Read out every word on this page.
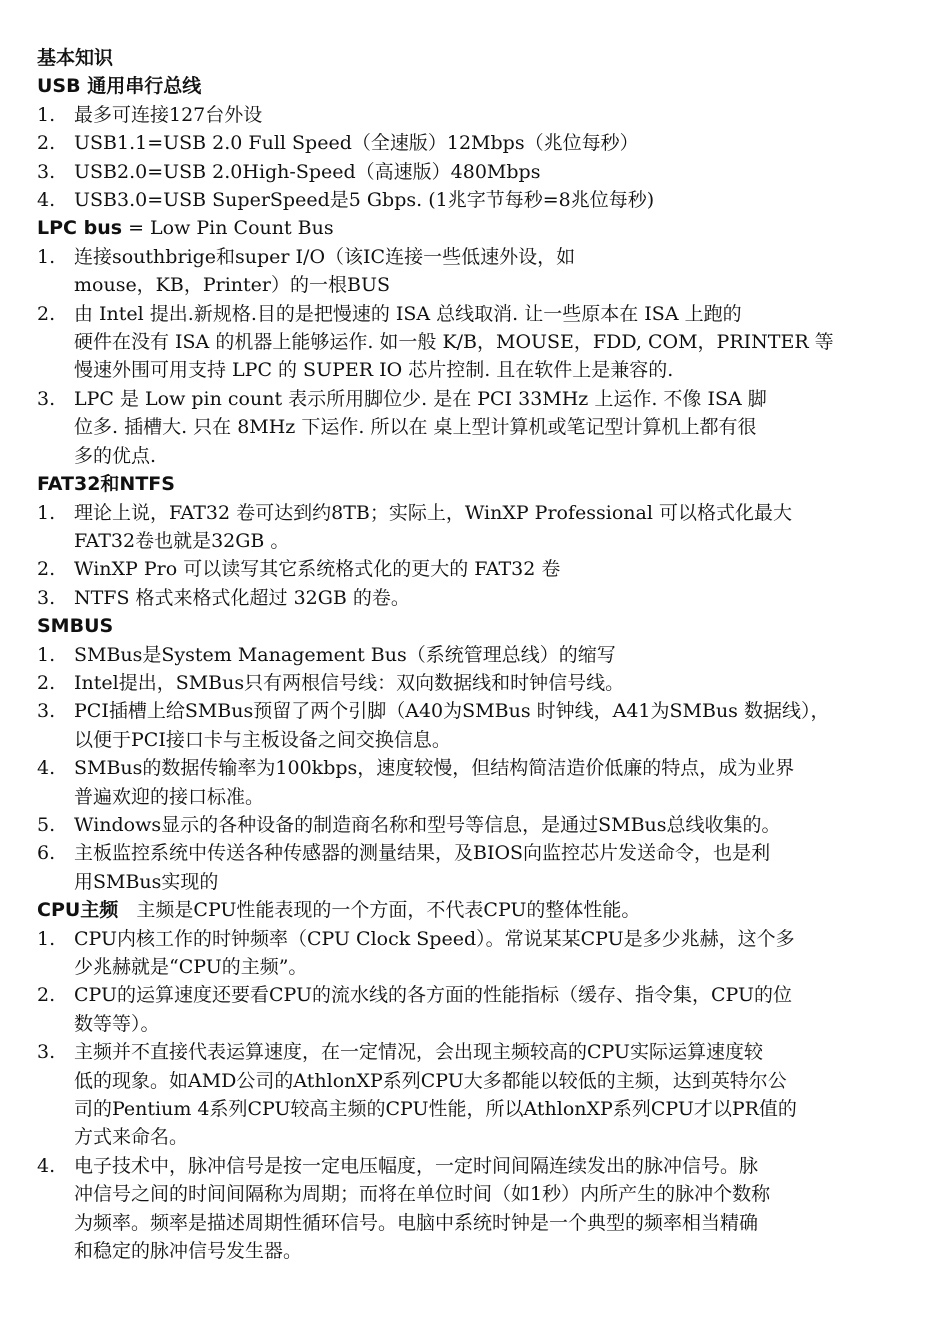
基本知识
USB 通用串行总线
1. 最多可连接127台外设
2. USB1.1=USB 2.0 Full Speed（全速版）12Mbps（兆位每秒）
3. USB2.0=USB 2.0High-Speed（高速版）480Mbps
4. USB3.0=USB SuperSpeed是5 Gbps. (1兆字节每秒=8兆位每秒)
LPC bus = Low Pin Count Bus
1. 连接southbrige和super I/O（该IC连接一些低速外设，如
mouse，KB，Printer）的一根BUS
2. 由 Intel 提出.新规格.目的是把慢速的 ISA 总线取消. 让一些原本在 ISA 上跑的
硬件在没有 ISA 的机器上能够运作. 如一般 K/B，MOUSE，FDD, COM，PRINTER 等
慢速外围可用支持 LPC 的 SUPER IO 芯片控制. 且在软件上是兼容的.
3. LPC 是 Low pin count 表示所用脚位少. 是在 PCI 33MHz 上运作. 不像 ISA 脚
位多. 插槽大. 只在 8MHz 下运作. 所以在 桌上型计算机或笔记型计算机上都有很
多的优点.
FAT32和NTFS
1. 理论上说，FAT32 卷可达到约8TB；实际上，WinXP Professional 可以格式化最大
FAT32卷也就是32GB 。
2. WinXP Pro 可以读写其它系统格式化的更大的 FAT32 卷
3. NTFS 格式来格式化超过 32GB 的卷。
SMBUS
1. SMBus是System Management Bus（系统管理总线）的缩写
2. Intel提出，SMBus只有两根信号线：双向数据线和时钟信号线。
3. PCI插槽上给SMBus预留了两个引脚（A40为SMBus 时钟线，A41为SMBus 数据线），
以便于PCI接口卡与主板设备之间交换信息。
4. SMBus的数据传输率为100kbps，速度较慢，但结构简洁造价低廉的特点，成为业界
普遍欢迎的接口标准。
5. Windows显示的各种设备的制造商名称和型号等信息，是通过SMBus总线收集的。
6. 主板监控系统中传送各种传感器的测量结果，及BIOS向监控芯片发送命令，也是利
用SMBus实现的
CPU主频   主频是CPU性能表现的一个方面，不代表CPU的整体性能。
1. CPU内核工作的时钟频率（CPU Clock Speed）。常说某某CPU是多少兆赫，这个多
少兆赫就是“CPU的主频”。
2. CPU的运算速度还要看CPU的流水线的各方面的性能指标（缓存、指令集，CPU的位
数等等）。
3. 主频并不直接代表运算速度，在一定情况，会出现主频较高的CPU实际运算速度较
低的现象。如AMD公司的AthlonXP系列CPU大多都能以较低的主频，达到英特尔公
司的Pentium 4系列CPU较高主频的CPU性能，所以AthlonXP系列CPU才以PR值的
方式来命名。
4. 电子技术中，脉冲信号是按一定电压幅度，一定时间间隔连续发出的脉冲信号。脉
冲信号之间的时间间隔称为周期；而将在单位时间（如1秒）内所产生的脉冲个数称
为频率。频率是描述周期性循环信号。电脑中系统时钟是一个典型的频率相当精确
和稳定的脉冲信号发生器。
